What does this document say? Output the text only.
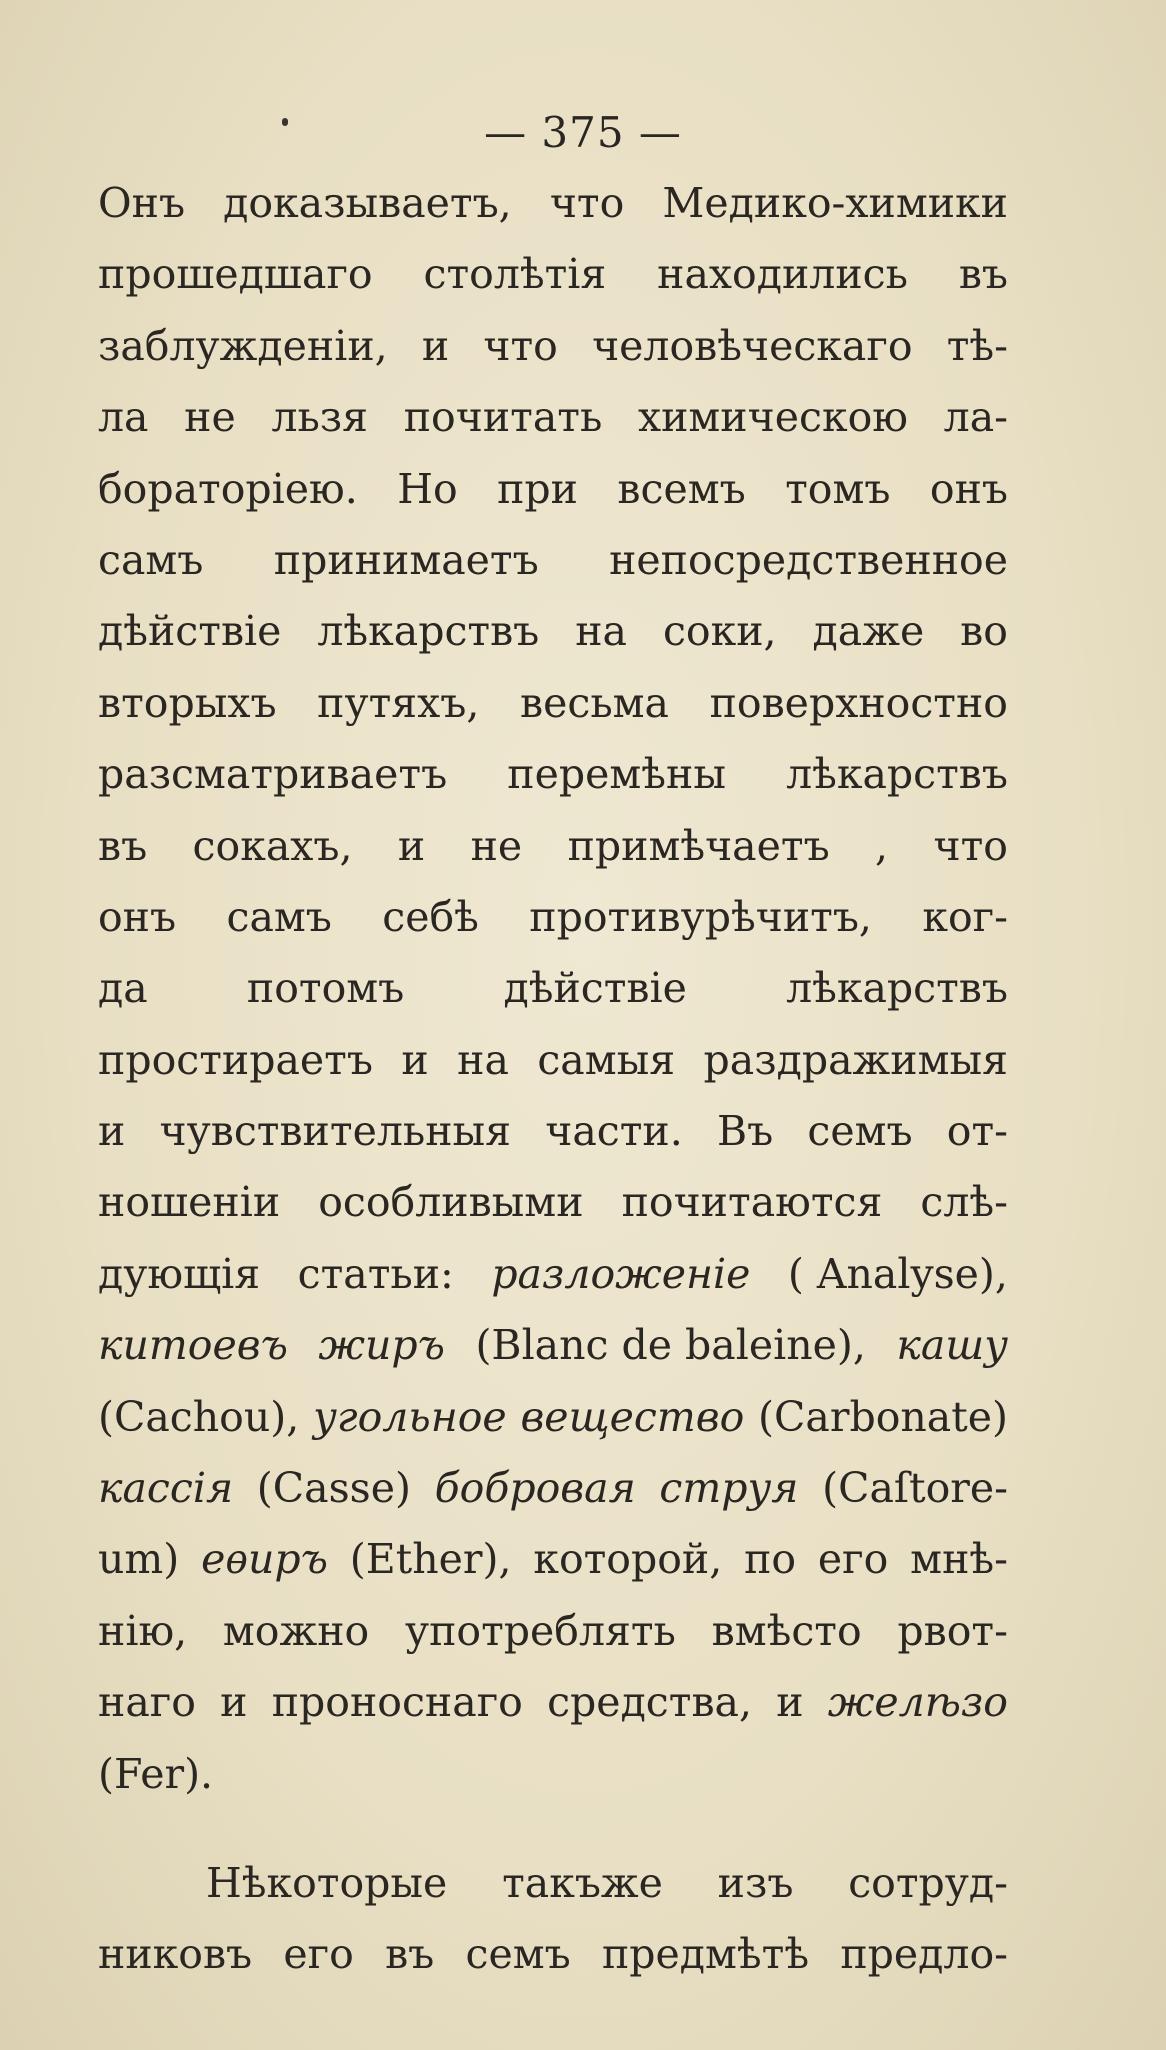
— 375 —
Онъ доказываетъ, что Медико-химики
прошедшаго столѣтія находились въ
заблужденіи, и что человѣческаго тѣ-
ла не льзя почитать химическою ла-
бораторіею. Но при всемъ томъ онъ
самъ принимаетъ непосредственное
дѣйствіе лѣкарствъ на соки, даже во
вторыхъ путяхъ, весьма поверхностно
разсматриваетъ перемѣны лѣкарствъ
въ сокахъ, и не примѣчаетъ , что
онъ самъ себѣ противурѣчитъ, ког-
да потомъ дѣйствіе лѣкарствъ
простираетъ и на самыя раздражимыя
и чувствительныя части. Въ семъ от-
ношеніи особливыми почитаются слѣ-
дующія статьи: разложеніе ( Analyse),
китоевъ жиръ (Blanc de baleine), кашу
(Cachou), угольное вещество (Carbonate)
кассія (Casse) бобровая струя (Caſtore-
um) еѳиръ (Ether), которой, по его мнѣ-
нію, можно употреблять вмѣсто рвот-
наго и проноснаго средства, и желѣзо
(Fer).
Нѣкоторые такъже изъ сотруд-
никовъ его въ семъ предмѣтѣ предло-
